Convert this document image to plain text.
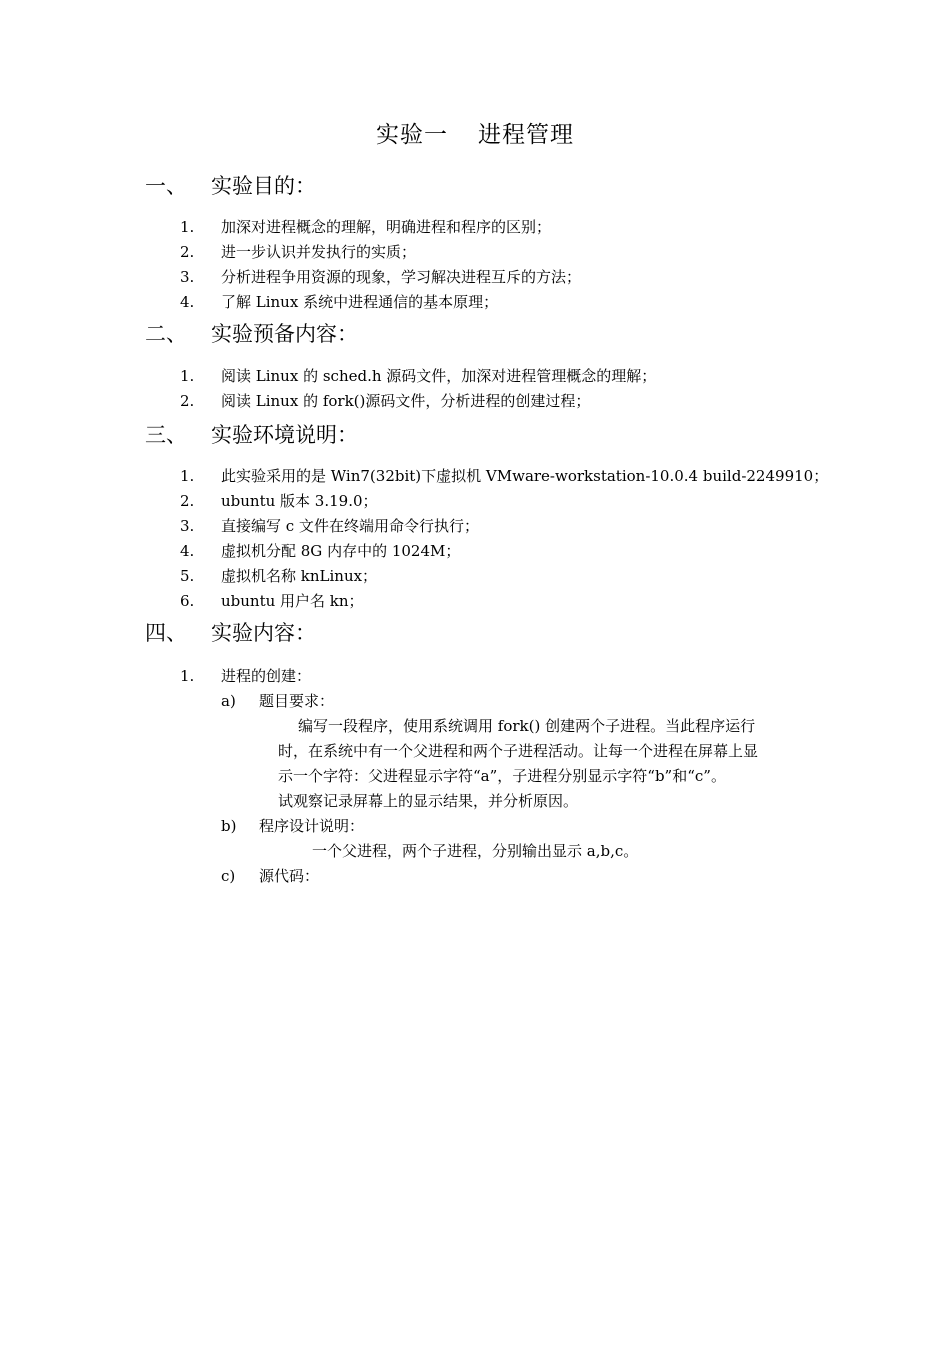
实验一 进程管理
一、 实验目的：
1.	加深对进程概念的理解，明确进程和程序的区别；
2.	进一步认识并发执行的实质；
3.	分析进程争用资源的现象，学习解决进程互斥的方法；
4.	了解 Linux 系统中进程通信的基本原理；
二、 实验预备内容：
1.	阅读 Linux 的 sched.h 源码文件，加深对进程管理概念的理解；
2.	阅读 Linux 的 fork()源码文件，分析进程的创建过程；
三、 实验环境说明：
1.	此实验采用的是 Win7(32bit)下虚拟机 VMware-workstation-10.0.4 build-2249910；
2.	ubuntu 版本 3.19.0；
3.	直接编写 c 文件在终端用命令行执行；
4.	虚拟机分配 8G 内存中的 1024M；
5.	虚拟机名称 knLinux；
6.	ubuntu 用户名 kn；
四、 实验内容：
1.	进程的创建：
a) 题目要求：
编写一段程序，使用系统调用 fork() 创建两个子进程。当此程序运行
时，在系统中有一个父进程和两个子进程活动。让每一个进程在屏幕上显
示一个字符：父进程显示字符“a”，子进程分别显示字符“b”和“c”。
试观察记录屏幕上的显示结果，并分析原因。
b) 程序设计说明：
一个父进程，两个子进程，分别输出显示 a,b,c。
c) 源代码：
